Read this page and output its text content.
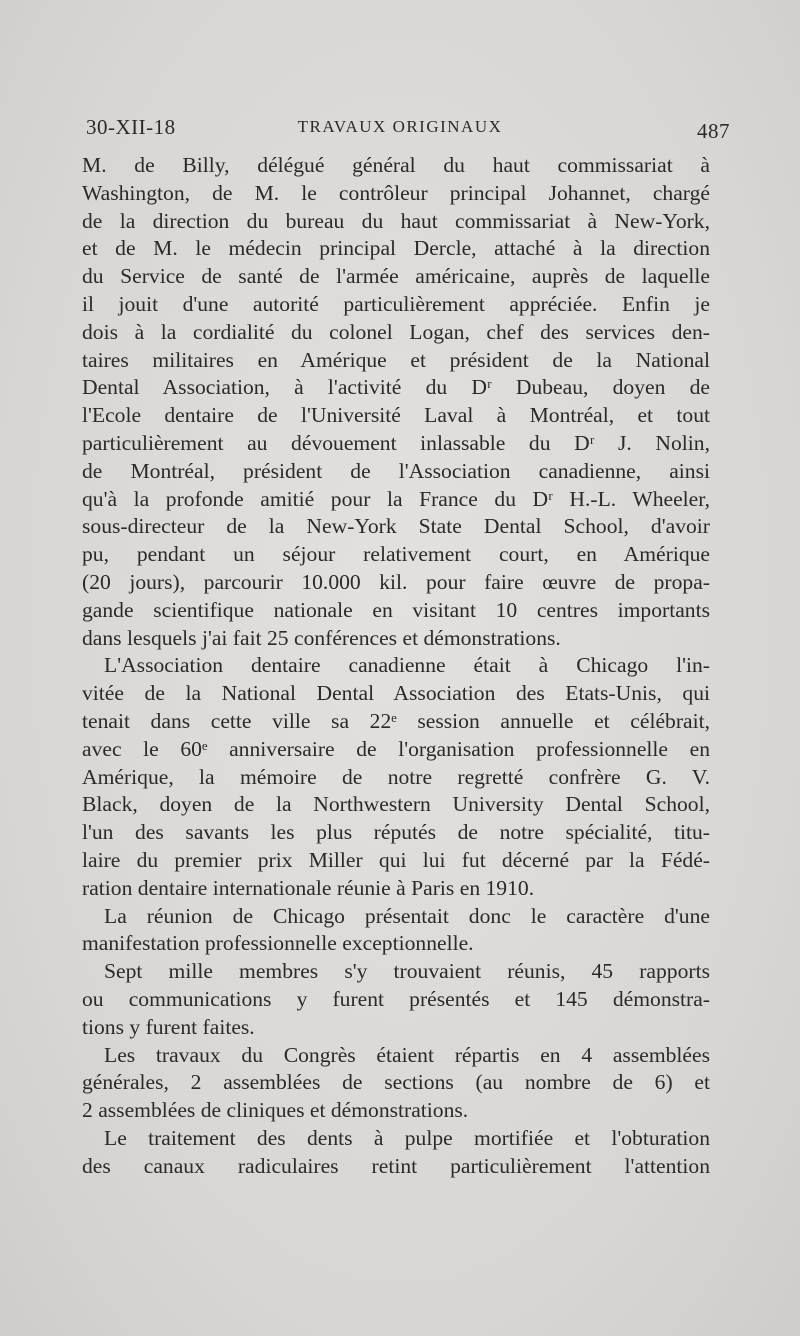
30-XII-18	TRAVAUX ORIGINAUX	487
M. de Billy, délégué général du haut commissariat à
Washington, de M. le contrôleur principal Johannet, chargé
de la direction du bureau du haut commissariat à New-York,
et de M. le médecin principal Dercle, attaché à la direction
du Service de santé de l'armée américaine, auprès de laquelle
il jouit d'une autorité particulièrement appréciée. Enfin je
dois à la cordialité du colonel Logan, chef des services den-
taires militaires en Amérique et président de la National
Dental Association, à l'activité du Dʳ Dubeau, doyen de
l'Ecole dentaire de l'Université Laval à Montréal, et tout
particulièrement au dévouement inlassable du Dʳ J. Nolin,
de Montréal, président de l'Association canadienne, ainsi
qu'à la profonde amitié pour la France du Dʳ H.-L. Wheeler,
sous-directeur de la New-York State Dental School, d'avoir
pu, pendant un séjour relativement court, en Amérique
(20 jours), parcourir 10.000 kil. pour faire œuvre de propa-
gande scientifique nationale en visitant 10 centres importants
dans lesquels j'ai fait 25 conférences et démonstrations.
L'Association dentaire canadienne était à Chicago l'in-
vitée de la National Dental Association des Etats-Unis, qui
tenait dans cette ville sa 22ᵉ session annuelle et célébrait,
avec le 60ᵉ anniversaire de l'organisation professionnelle en
Amérique, la mémoire de notre regretté confrère G. V.
Black, doyen de la Northwestern University Dental School,
l'un des savants les plus réputés de notre spécialité, titu-
laire du premier prix Miller qui lui fut décerné par la Fédé-
ration dentaire internationale réunie à Paris en 1910.
La réunion de Chicago présentait donc le caractère d'une
manifestation professionnelle exceptionnelle.
Sept mille membres s'y trouvaient réunis, 45 rapports
ou communications y furent présentés et 145 démonstra-
tions y furent faites.
Les travaux du Congrès étaient répartis en 4 assemblées
générales, 2 assemblées de sections (au nombre de 6) et
2 assemblées de cliniques et démonstrations.
Le traitement des dents à pulpe mortifiée et l'obturation
des canaux radiculaires retint particulièrement l'attention
